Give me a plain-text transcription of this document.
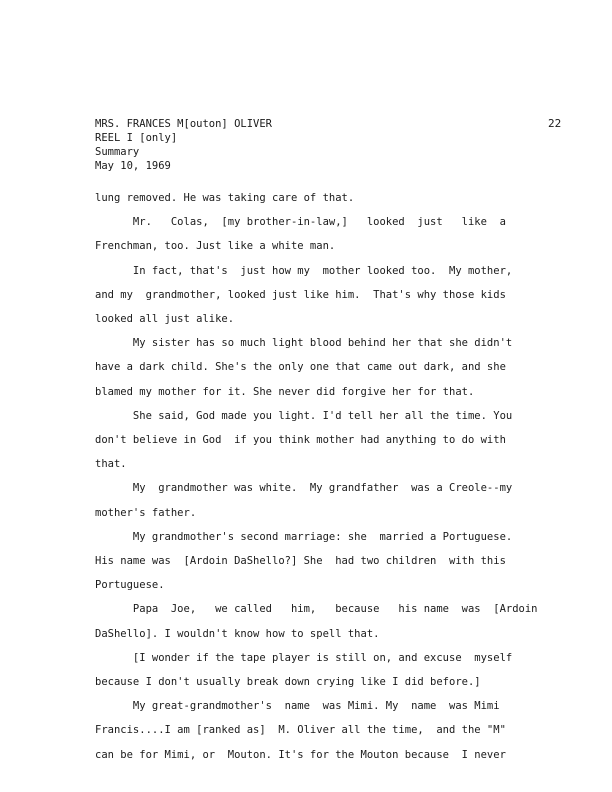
MRS. FRANCES M[outon] OLIVER
REEL I [only]
Summary
May 10, 1969
22
lung removed. He was taking care of that.
Mr.   Colas,  [my brother-in-law,]   looked  just   like  a
Frenchman, too. Just like a white man.
In fact, that's  just how my  mother looked too.  My mother,
and my  grandmother, looked just like him.  That's why those kids
looked all just alike.
My sister has so much light blood behind her that she didn't
have a dark child. She's the only one that came out dark, and she
blamed my mother for it. She never did forgive her for that.
She said, God made you light. I'd tell her all the time. You
don't believe in God  if you think mother had anything to do with
that.
My  grandmother was white.  My grandfather  was a Creole--my
mother's father.
My grandmother's second marriage: she  married a Portuguese.
His name was  [Ardoin DaShello?] She  had two children  with this
Portuguese.
Papa  Joe,   we called   him,   because   his name  was  [Ardoin
DaShello]. I wouldn't know how to spell that.
[I wonder if the tape player is still on, and excuse  myself
because I don't usually break down crying like I did before.]
My great-grandmother's  name  was Mimi. My  name  was Mimi
Francis....I am [ranked as]  M. Oliver all the time,  and the "M"
can be for Mimi, or  Mouton. It's for the Mouton because  I never
